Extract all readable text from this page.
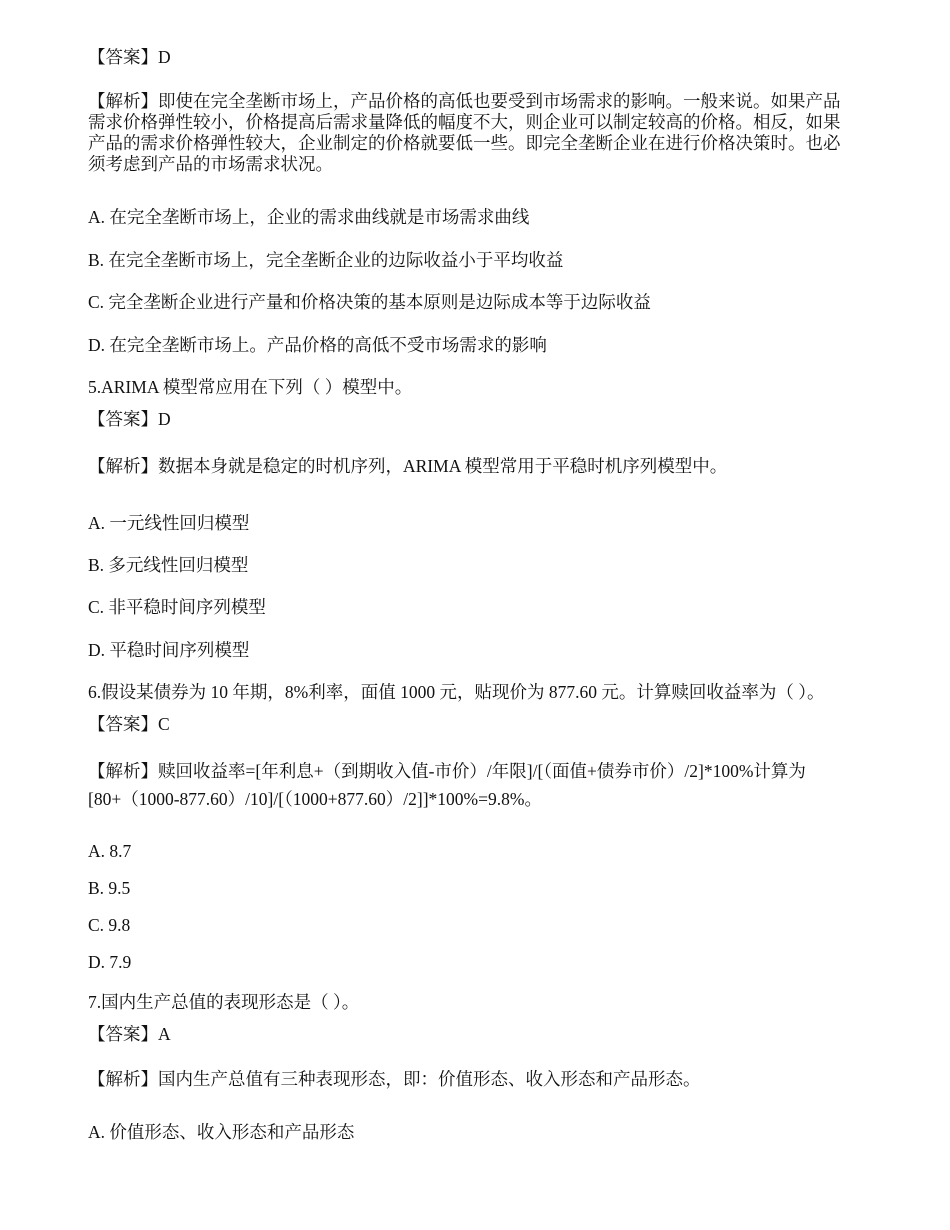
【答案】D
【解析】即使在完全垄断市场上，产品价格的高低也要受到市场需求的影响。一般来说。如果产品
需求价格弹性较小，价格提高后需求量降低的幅度不大，则企业可以制定较高的价格。相反，如果
产品的需求价格弹性较大，企业制定的价格就要低一些。即完全垄断企业在进行价格决策时。也必
须考虑到产品的市场需求状况。
A. 在完全垄断市场上，企业的需求曲线就是市场需求曲线
B. 在完全垄断市场上，完全垄断企业的边际收益小于平均收益
C. 完全垄断企业进行产量和价格决策的基本原则是边际成本等于边际收益
D. 在完全垄断市场上。产品价格的高低不受市场需求的影响
5.ARIMA 模型常应用在下列（ ）模型中。
【答案】D
【解析】数据本身就是稳定的时机序列，ARIMA 模型常用于平稳时机序列模型中。
A. 一元线性回归模型
B. 多元线性回归模型
C. 非平稳时间序列模型
D. 平稳时间序列模型
6.假设某债券为 10 年期，8%利率，面值 1000 元，贴现价为 877.60 元。计算赎回收益率为（ ）。
【答案】C
【解析】赎回收益率=[年利息+（到期收入值-市价）/年限]/[（面值+债券市价）/2]*100%计算为
[80+（1000-877.60）/10]/[（1000+877.60）/2]]*100%=9.8%。
A. 8.7
B. 9.5
C. 9.8
D. 7.9
7.国内生产总值的表现形态是（ ）。
【答案】A
【解析】国内生产总值有三种表现形态，即：价值形态、收入形态和产品形态。
A. 价值形态、收入形态和产品形态
